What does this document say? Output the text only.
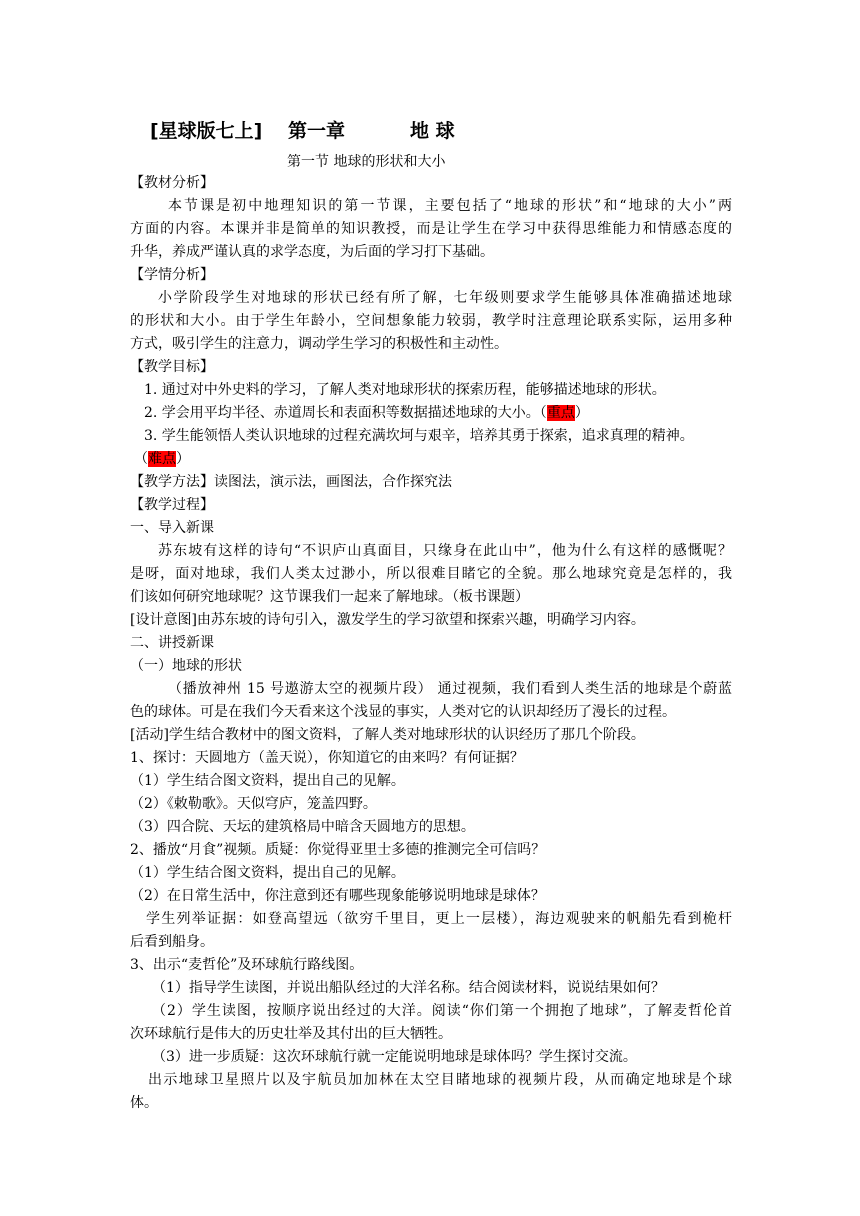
[星球版七上] 第一章	地 球
第一节 地球的形状和大小
【教材分析】
本节课是初中地理知识的第一节课，主要包括了“地球的形状”和“地球的大小”两
方面的内容。本课并非是简单的知识教授，而是让学生在学习中获得思维能力和情感态度的
升华，养成严谨认真的求学态度，为后面的学习打下基础。
【学情分析】
小学阶段学生对地球的形状已经有所了解，七年级则要求学生能够具体准确描述地球
的形状和大小。由于学生年龄小，空间想象能力较弱，教学时注意理论联系实际，运用多种
方式，吸引学生的注意力，调动学生学习的积极性和主动性。
【教学目标】
1. 通过对中外史料的学习，了解人类对地球形状的探索历程，能够描述地球的形状。
2. 学会用平均半径、赤道周长和表面积等数据描述地球的大小。（重点）
3. 学生能领悟人类认识地球的过程充满坎坷与艰辛，培养其勇于探索，追求真理的精神。
（难点）
【教学方法】读图法，演示法，画图法，合作探究法
【教学过程】
一、导入新课
苏东坡有这样的诗句“不识庐山真面目，只缘身在此山中”，他为什么有这样的感慨呢？
是呀，面对地球，我们人类太过渺小，所以很难目睹它的全貌。那么地球究竟是怎样的，我
们该如何研究地球呢？这节课我们一起来了解地球。（板书课题）
[设计意图]由苏东坡的诗句引入，激发学生的学习欲望和探索兴趣，明确学习内容。
二、讲授新课
（一）地球的形状
（播放神州 15 号遨游太空的视频片段） 通过视频，我们看到人类生活的地球是个蔚蓝
色的球体。可是在我们今天看来这个浅显的事实，人类对它的认识却经历了漫长的过程。
[活动]学生结合教材中的图文资料，了解人类对地球形状的认识经历了那几个阶段。
1、探讨：天圆地方（盖天说），你知道它的由来吗？有何证据？
（1）学生结合图文资料，提出自己的见解。
（2）《敕勒歌》。天似穹庐，笼盖四野。
（3）四合院、天坛的建筑格局中暗含天圆地方的思想。
2、播放“月食”视频。质疑：你觉得亚里士多德的推测完全可信吗？
（1）学生结合图文资料，提出自己的见解。
（2）在日常生活中，你注意到还有哪些现象能够说明地球是球体？
学生列举证据：如登高望远（欲穷千里目，更上一层楼），海边观驶来的帆船先看到桅杆
后看到船身。
3、出示“麦哲伦”及环球航行路线图。
（1）指导学生读图，并说出船队经过的大洋名称。结合阅读材料，说说结果如何？
（2）学生读图，按顺序说出经过的大洋。阅读“你们第一个拥抱了地球”，了解麦哲伦首
次环球航行是伟大的历史壮举及其付出的巨大牺牲。
（3）进一步质疑：这次环球航行就一定能说明地球是球体吗？学生探讨交流。
出示地球卫星照片以及宇航员加加林在太空目睹地球的视频片段，从而确定地球是个球
体。
